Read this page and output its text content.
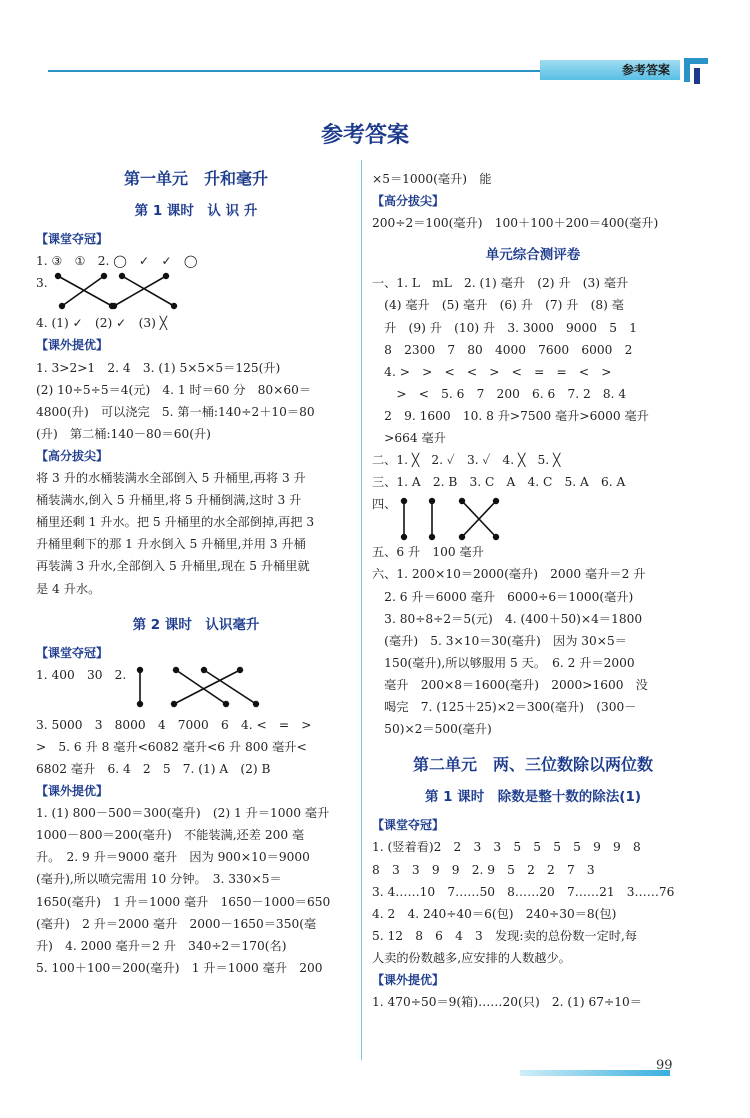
参考答案
参考答案
第一单元　升和毫升
第 1 课时　认 识 升
【课堂夺冠】
1. ③　①　2. ◯　✓　✓　◯
3.
4. (1) ✓　(2) ✓　(3) ╳
【课外提优】
1. 3>2>1　2. 4　3. (1) 5×5×5＝125(升)
(2) 10÷5÷5＝4(元)　4. 1 时＝60 分　80×60＝
4800(升)　可以浇完　5. 第一桶:140÷2＋10＝80
(升)　第二桶:140－80＝60(升)
【高分拔尖】
将 3 升的水桶装满水全部倒入 5 升桶里,再将 3 升
桶装满水,倒入 5 升桶里,将 5 升桶倒满,这时 3 升
桶里还剩 1 升水。把 5 升桶里的水全部倒掉,再把 3
升桶里剩下的那 1 升水倒入 5 升桶里,并用 3 升桶
再装满 3 升水,全部倒入 5 升桶里,现在 5 升桶里就
是 4 升水。
第 2 课时　认识毫升
【课堂夺冠】
1. 400　30　2.
3. 5000　3　8000　4　7000　6　4. <　=　>
>　5. 6 升 8 毫升<6082 毫升<6 升 800 毫升<
6802 毫升　6. 4　2　5　7. (1) A　(2) B
【课外提优】
1. (1) 800－500＝300(毫升)　(2) 1 升＝1000 毫升
1000－800＝200(毫升)　不能装满,还差 200 毫
升。　2. 9 升＝9000 毫升　因为 900×10＝9000
(毫升),所以喷完需用 10 分钟。　3. 330×5＝
1650(毫升)　1 升＝1000 毫升　1650－1000＝650
(毫升)　2 升＝2000 毫升　2000－1650＝350(毫
升)　4. 2000 毫升＝2 升　340÷2＝170(名)
5. 100＋100＝200(毫升)　1 升＝1000 毫升　200
×5＝1000(毫升)　能
【高分拔尖】
200÷2＝100(毫升)　100＋100＋200＝400(毫升)
单元综合测评卷
一、1. L　mL　2. (1) 毫升　(2) 升　(3) 毫升
　(4) 毫升　(5) 毫升　(6) 升　(7) 升　(8) 毫
　升　(9) 升　(10) 升　3. 3000　9000　5　1
　8　2300　7　80　4000　7600　6000　2
　4. >　>　<　<　>　<　=　=　<　>
　　>　<　5. 6　7　200　6. 6　7. 2　8. 4
　2　9. 1600　10. 8 升>7500 毫升>6000 毫升
　>664 毫升
二、1. ╳　2. ✓　3. ✓　4. ╳　5. ╳
三、1. A　2. B　3. C　A　4. C　5. A　6. A
四、
五、6 升　100 毫升
六、1. 200×10＝2000(毫升)　2000 毫升＝2 升
　2. 6 升＝6000 毫升　6000÷6＝1000(毫升)
　3. 80÷8÷2＝5(元)　4. (400＋50)×4＝1800
　(毫升)　5. 3×10＝30(毫升)　因为 30×5＝
　150(毫升),所以够服用 5 天。　6. 2 升＝2000
　毫升　200×8＝1600(毫升)　2000>1600　没
　喝完　7. (125＋25)×2＝300(毫升)　(300－
　50)×2＝500(毫升)
第二单元　两、三位数除以两位数
第 1 课时　除数是整十数的除法(1)
【课堂夺冠】
1. (竖着看)2　2　3　3　5　5　5　5　9　9　8
8　3　3　9　9　2. 9　5　2　2　7　3
3. 4……10　7……50　8……20　7……21　3……76
4. 2　4. 240÷40＝6(包)　240÷30＝8(包)
5. 12　8　6　4　3　发现:卖的总份数一定时,每
人卖的份数越多,应安排的人数越少。
【课外提优】
1. 470÷50＝9(箱)……20(只)　2. (1) 67÷10＝
99
